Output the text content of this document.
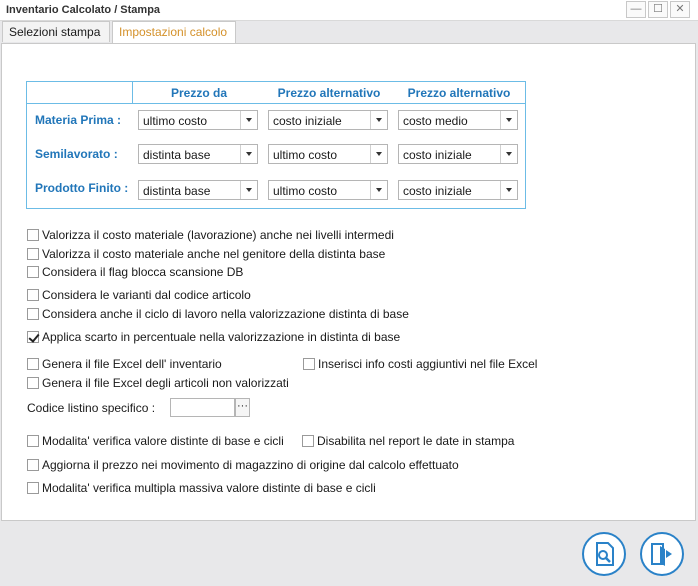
Inventario Calcolato / Stampa	—	☐	✕
Selezioni stampa	Impostazioni calcolo
Prezzo da	Prezzo alternativo	Prezzo alternativo
Materia Prima : ultimo costo	costo iniziale	costo medio
Semilavorato : distinta base	ultimo costo	costo iniziale
Prodotto Finito : distinta base	ultimo costo	costo iniziale
Valorizza il costo materiale (lavorazione) anche nei livelli intermedi
Valorizza il costo materiale anche nel genitore della distinta base
Considera il flag blocca scansione DB
Considera le varianti dal codice articolo
Considera anche il ciclo di lavoro nella valorizzazione distinta di base
Applica scarto in percentuale nella valorizzazione in distinta di base
Genera il file Excel dell' inventario	Inserisci info costi aggiuntivi nel file Excel
Genera il file Excel degli articoli non valorizzati
Codice listino specifico :	···
Modalita' verifica valore distinte di base e cicli	Disabilita nel report le date in stampa
Aggiorna il prezzo nei movimento di magazzino di origine dal calcolo effettuato
Modalita' verifica multipla massiva valore distinte di base e cicli
